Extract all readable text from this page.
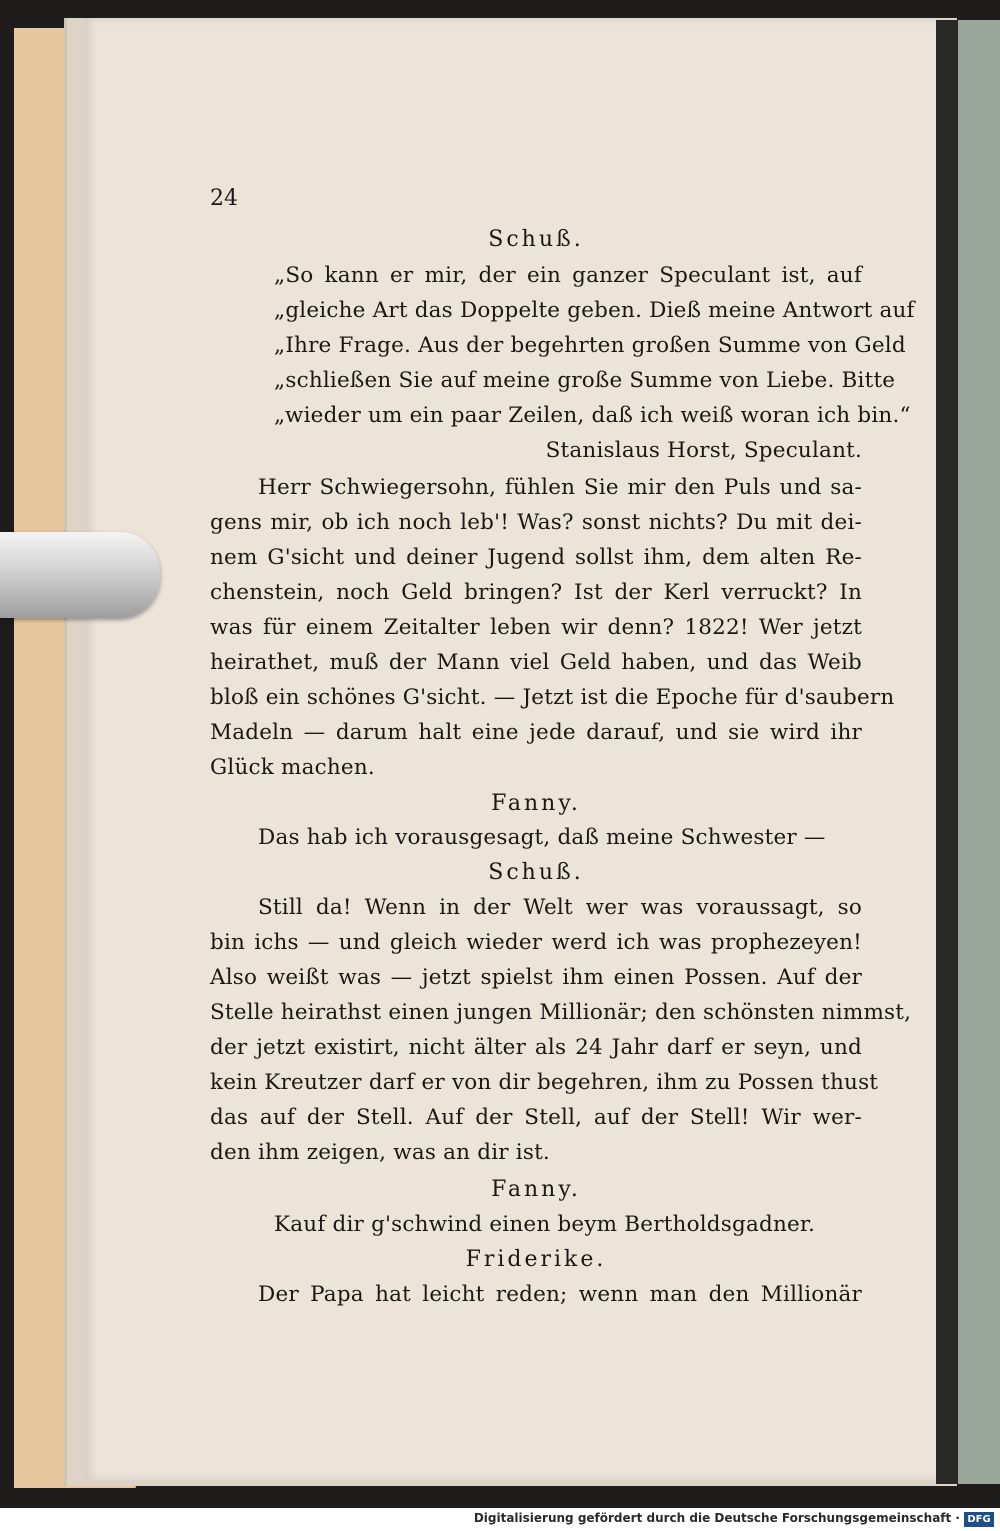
24
Schuß.
„So kann er mir, der ein ganzer Speculant ist, auf
„gleiche Art das Doppelte geben. Dieß meine Antwort auf
„Ihre Frage. Aus der begehrten großen Summe von Geld
„schließen Sie auf meine große Summe von Liebe. Bitte
„wieder um ein paar Zeilen, daß ich weiß woran ich bin.“
Stanislaus Horst, Speculant.
Herr Schwiegersohn, fühlen Sie mir den Puls und sa-
gens mir, ob ich noch leb'! Was? sonst nichts? Du mit dei-
nem G'sicht und deiner Jugend sollst ihm, dem alten Re-
chenstein, noch Geld bringen? Ist der Kerl verruckt? In
was für einem Zeitalter leben wir denn? 1822! Wer jetzt
heirathet, muß der Mann viel Geld haben, und das Weib
bloß ein schönes G'sicht. — Jetzt ist die Epoche für d'saubern
Madeln — darum halt eine jede darauf, und sie wird ihr
Glück machen.
Fanny.
Das hab ich vorausgesagt, daß meine Schwester —
Schuß.
Still da! Wenn in der Welt wer was voraussagt, so
bin ichs — und gleich wieder werd ich was prophezeyen!
Also weißt was — jetzt spielst ihm einen Possen. Auf der
Stelle heirathst einen jungen Millionär; den schönsten nimmst,
der jetzt existirt, nicht älter als 24 Jahr darf er seyn, und
kein Kreutzer darf er von dir begehren, ihm zu Possen thust
das auf der Stell. Auf der Stell, auf der Stell! Wir wer-
den ihm zeigen, was an dir ist.
Fanny.
Kauf dir g'schwind einen beym Bertholdsgadner.
Friderike.
Der Papa hat leicht reden; wenn man den Millionär
Digitalisierung gefördert durch die Deutsche Forschungsgemeinschaft · DFG
